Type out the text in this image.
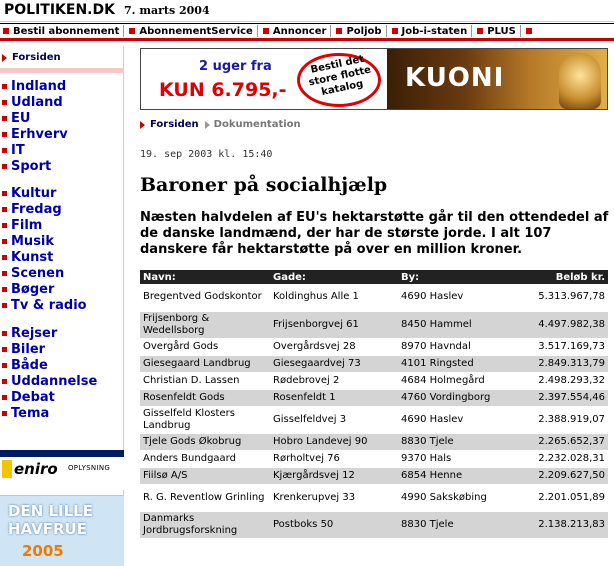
POLITIKEN.DK 7. marts 2004
Bestil abonnement AbonnementService Annoncer Poljob Job-i-staten PLUS
Forsiden
Indland
Udland
EU
Erhverv
IT
Sport
Kultur
Fredag
Film
Musik
Kunst
Scenen
Bøger
Tv & radio
Rejser
Biler
Både
Uddannelse
Debat
Tema
eniro OPLYSNING
DEN LILLE
HAVFRUE
2005
2 uger fra
KUN 6.795,-
Bestil det store flotte katalog	KUONI
Forsiden Dokumentation
19. sep 2003 kl. 15:40
Baroner på socialhjælp
Næsten halvdelen af EU's hektarstøtte går til den ottendedel af de danske landmænd, der har de største jorde. I alt 107 danskere får hektarstøtte på over en million kroner.
Navn:	Gade:	By:	Beløb kr.
Bregentved Godskontor	Koldinghus Alle 1	4690 Haslev	5.313.967,78
Frijsenborg & Wedellsborg	Frijsenborgvej 61	8450 Hammel	4.497.982,38
Overgård Gods	Overgårdsvej 28	8970 Havndal	3.517.169,73
Giesegaard Landbrug	Giesegaardvej 73	4101 Ringsted	2.849.313,79
Christian D. Lassen	Rødebrovej 2	4684 Holmegård	2.498.293,32
Rosenfeldt Gods	Rosenfeldt 1	4760 Vordingborg	2.397.554,46
Gisselfeld Klosters Landbrug	Gisselfeldvej 3	4690 Haslev	2.388.919,07
Tjele Gods Økobrug	Hobro Landevej 90	8830 Tjele	2.265.652,37
Anders Bundgaard	Rørholtvej 76	9370 Hals	2.232.028,31
Fiilsø A/S	Kjærgårdsvej 12	6854 Henne	2.209.627,50
R. G. Reventlow Grinling	Krenkerupvej 33	4990 Sakskøbing	2.201.051,89
Danmarks Jordbrugsforskning	Postboks 50	8830 Tjele	2.138.213,83
